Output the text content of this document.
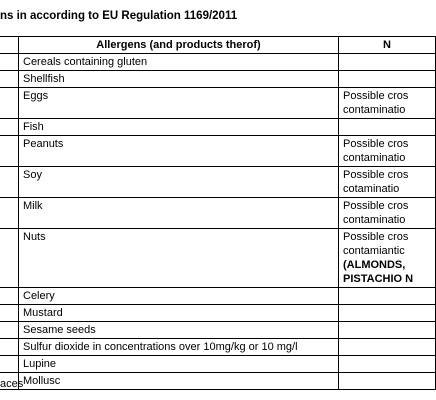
ns in according to EU Regulation 1169/2011
	Allergens (and products therof)	N
	Cereals containing gluten	
	Shellfish	
	Eggs	Possible cros
contaminatio

	Fish	
	Peanuts	Possible cros
contaminatio

	Soy	Possible cros
cotaminatio

	Milk	Possible cros
contaminatio

	Nuts	Possible cros
contamiantic
(ALMONDS,
PISTACHIO N

	Celery	
	Mustard	
	Sesame seeds	
	Sulfur dioxide in concentrations over 10mg/kg or 10 mg/l	
	Lupine	
	Mollusc	
aces
